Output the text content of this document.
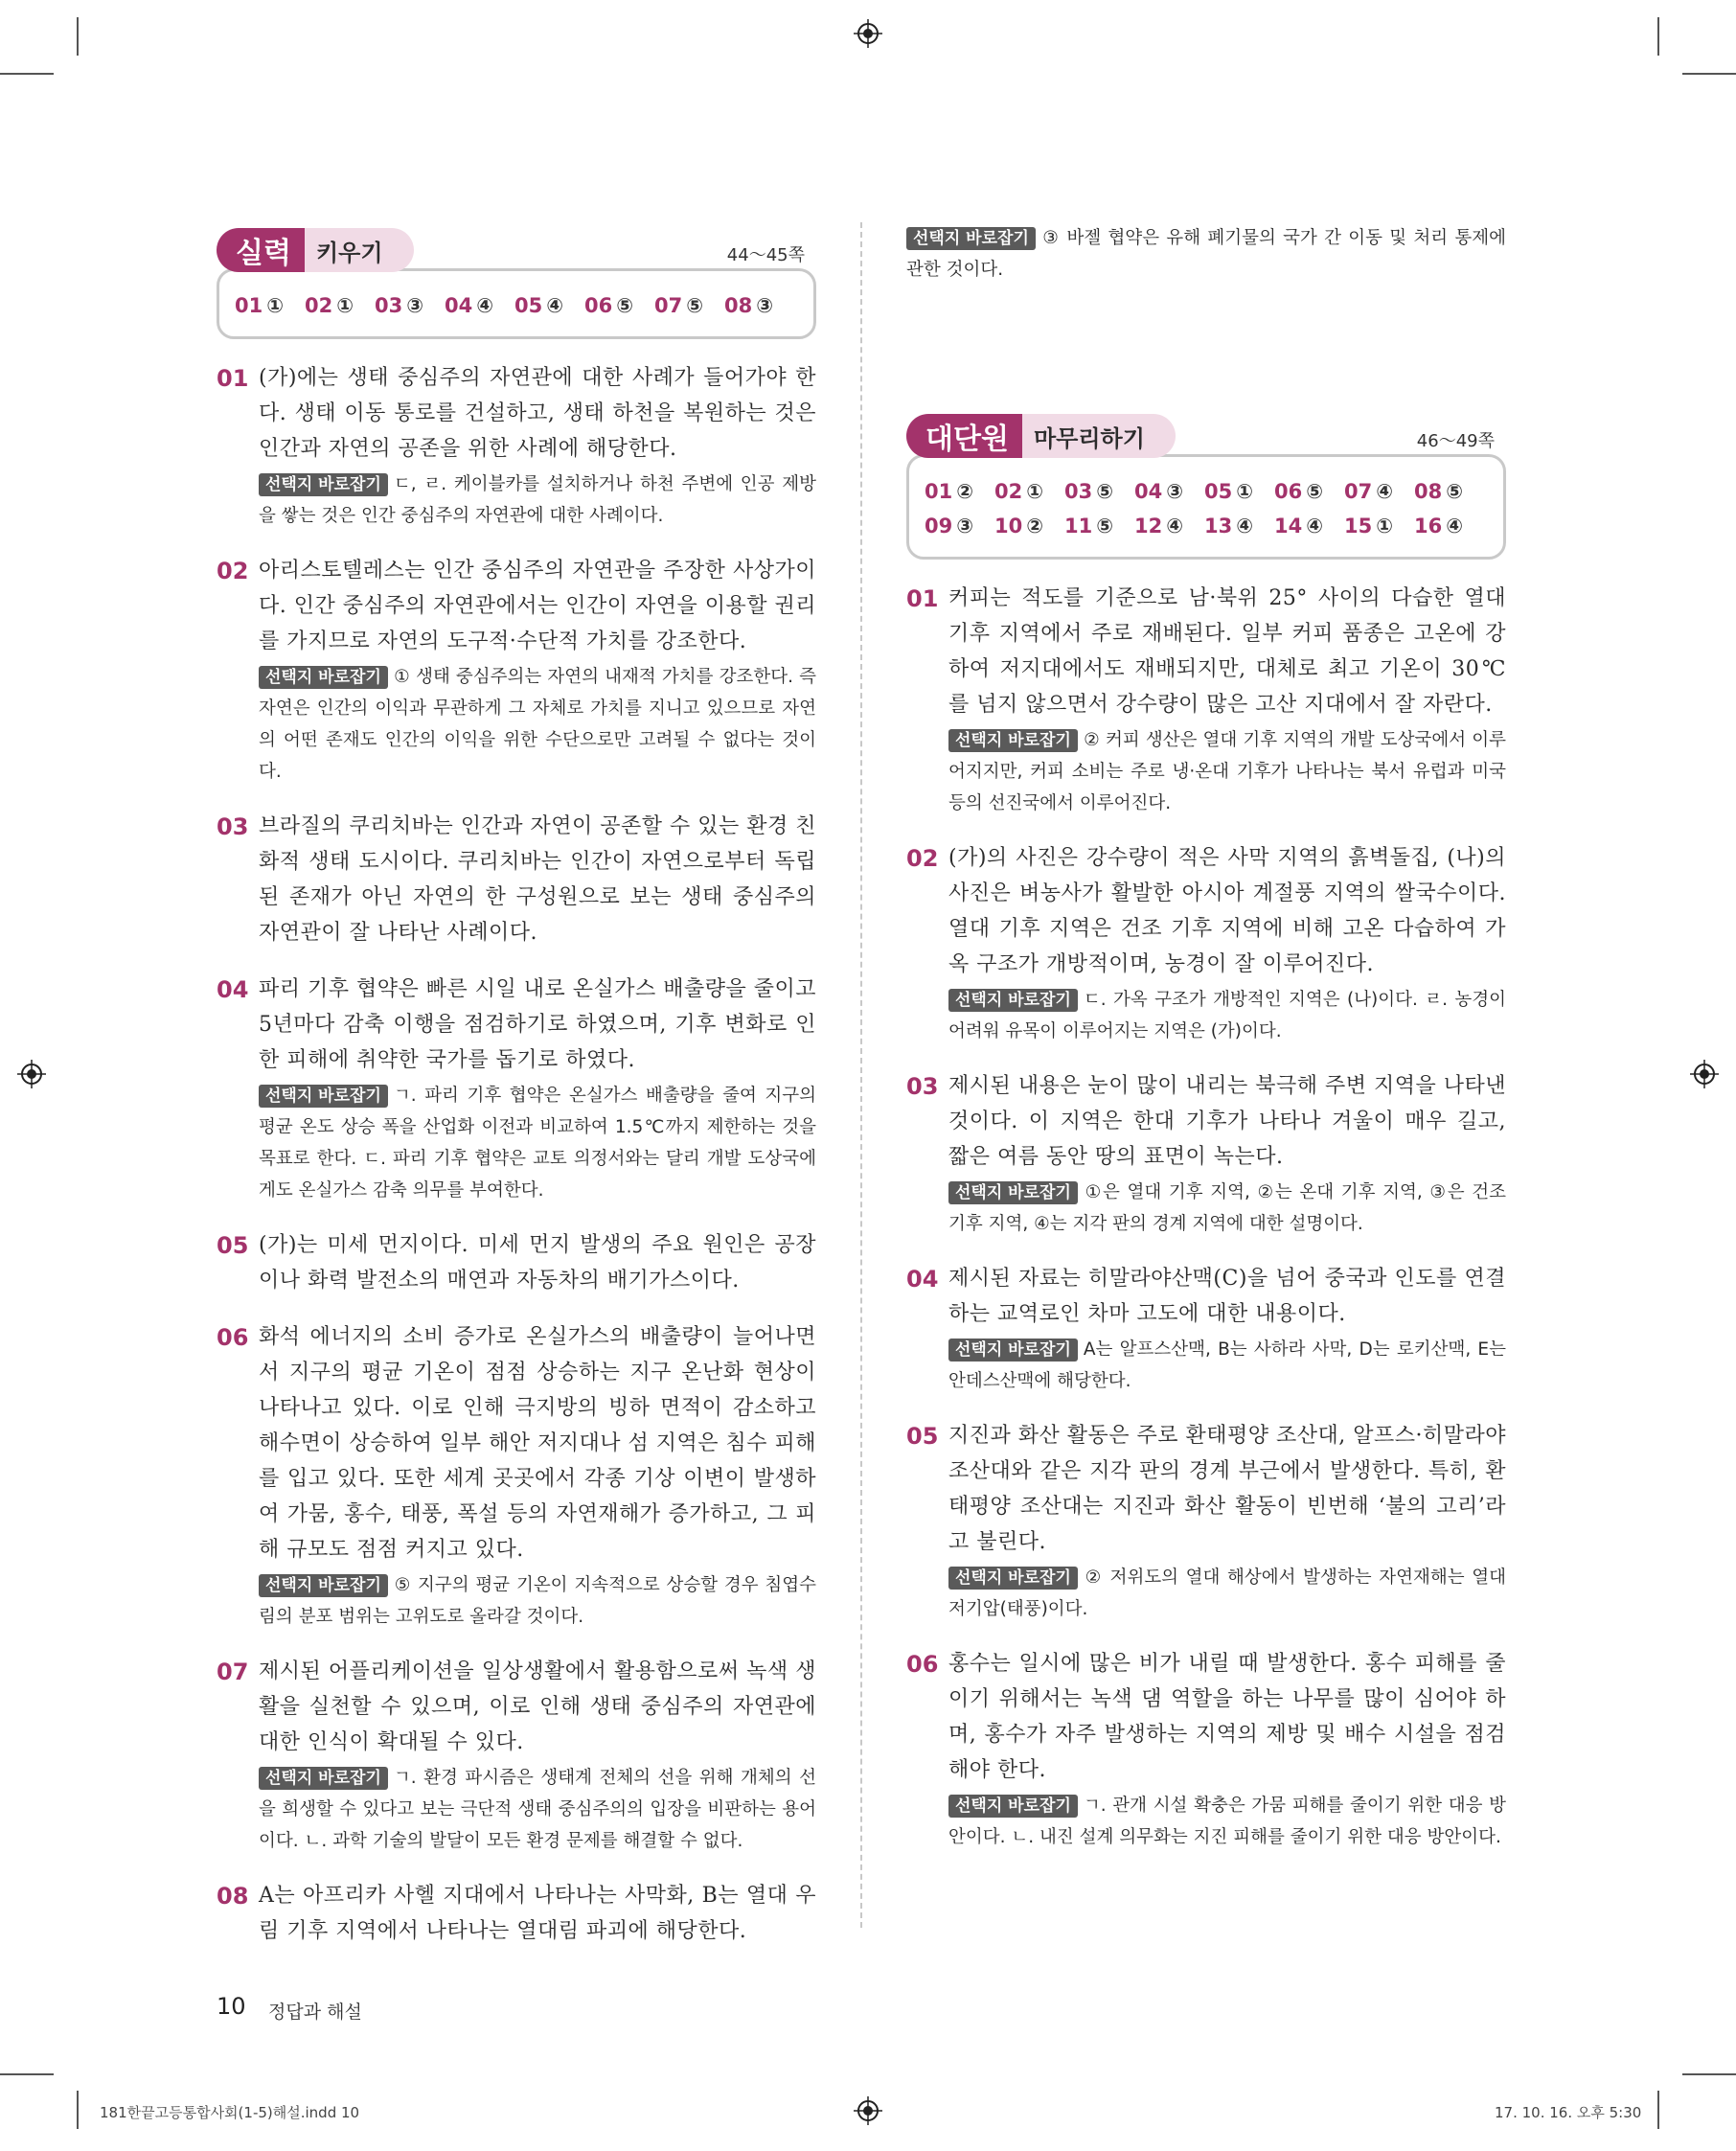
실력	키우기	44～45쪽
01 ①	02 ①	03 ③	04 ④	05 ④	06 ⑤	07 ⑤	08 ③
01 (가)에는 생태 중심주의 자연관에 대한 사례가 들어가야 한다. 생태 이동 통로를 건설하고, 생태 하천을 복원하는 것은 인간과 자연의 공존을 위한 사례에 해당한다.
선택지 바로잡기 ㄷ, ㄹ. 케이블카를 설치하거나 하천 주변에 인공 제방을 쌓는 것은 인간 중심주의 자연관에 대한 사례이다.
02 아리스토텔레스는 인간 중심주의 자연관을 주장한 사상가이다. 인간 중심주의 자연관에서는 인간이 자연을 이용할 권리를 가지므로 자연의 도구적·수단적 가치를 강조한다.
선택지 바로잡기 ① 생태 중심주의는 자연의 내재적 가치를 강조한다. 즉 자연은 인간의 이익과 무관하게 그 자체로 가치를 지니고 있으므로 자연의 어떤 존재도 인간의 이익을 위한 수단으로만 고려될 수 없다는 것이다.
03 브라질의 쿠리치바는 인간과 자연이 공존할 수 있는 환경 친화적 생태 도시이다. 쿠리치바는 인간이 자연으로부터 독립된 존재가 아닌 자연의 한 구성원으로 보는 생태 중심주의 자연관이 잘 나타난 사례이다.
04 파리 기후 협약은 빠른 시일 내로 온실가스 배출량을 줄이고 5년마다 감축 이행을 점검하기로 하였으며, 기후 변화로 인한 피해에 취약한 국가를 돕기로 하였다.
선택지 바로잡기 ㄱ. 파리 기후 협약은 온실가스 배출량을 줄여 지구의 평균 온도 상승 폭을 산업화 이전과 비교하여 1.5℃까지 제한하는 것을 목표로 한다. ㄷ. 파리 기후 협약은 교토 의정서와는 달리 개발 도상국에게도 온실가스 감축 의무를 부여한다.
05 (가)는 미세 먼지이다. 미세 먼지 발생의 주요 원인은 공장이나 화력 발전소의 매연과 자동차의 배기가스이다.
06 화석 에너지의 소비 증가로 온실가스의 배출량이 늘어나면서 지구의 평균 기온이 점점 상승하는 지구 온난화 현상이 나타나고 있다. 이로 인해 극지방의 빙하 면적이 감소하고 해수면이 상승하여 일부 해안 저지대나 섬 지역은 침수 피해를 입고 있다. 또한 세계 곳곳에서 각종 기상 이변이 발생하여 가뭄, 홍수, 태풍, 폭설 등의 자연재해가 증가하고, 그 피해 규모도 점점 커지고 있다.
선택지 바로잡기 ⑤ 지구의 평균 기온이 지속적으로 상승할 경우 침엽수림의 분포 범위는 고위도로 올라갈 것이다.
07 제시된 어플리케이션을 일상생활에서 활용함으로써 녹색 생활을 실천할 수 있으며, 이로 인해 생태 중심주의 자연관에 대한 인식이 확대될 수 있다.
선택지 바로잡기 ㄱ. 환경 파시즘은 생태계 전체의 선을 위해 개체의 선을 희생할 수 있다고 보는 극단적 생태 중심주의의 입장을 비판하는 용어이다. ㄴ. 과학 기술의 발달이 모든 환경 문제를 해결할 수 없다.
08 A는 아프리카 사헬 지대에서 나타나는 사막화, B는 열대 우림 기후 지역에서 나타나는 열대림 파괴에 해당한다.
선택지 바로잡기 ③ 바젤 협약은 유해 폐기물의 국가 간 이동 및 처리 통제에 관한 것이다.
대단원	마무리하기	46～49쪽
01 ②	02 ①	03 ⑤	04 ③	05 ①	06 ⑤	07 ④	08 ⑤
09 ③	10 ②	11 ⑤	12 ④	13 ④	14 ④	15 ①	16 ④
01 커피는 적도를 기준으로 남·북위 25° 사이의 다습한 열대 기후 지역에서 주로 재배된다. 일부 커피 품종은 고온에 강하여 저지대에서도 재배되지만, 대체로 최고 기온이 30℃를 넘지 않으면서 강수량이 많은 고산 지대에서 잘 자란다.
선택지 바로잡기 ② 커피 생산은 열대 기후 지역의 개발 도상국에서 이루어지지만, 커피 소비는 주로 냉·온대 기후가 나타나는 북서 유럽과 미국 등의 선진국에서 이루어진다.
02 (가)의 사진은 강수량이 적은 사막 지역의 흙벽돌집, (나)의 사진은 벼농사가 활발한 아시아 계절풍 지역의 쌀국수이다. 열대 기후 지역은 건조 기후 지역에 비해 고온 다습하여 가옥 구조가 개방적이며, 농경이 잘 이루어진다.
선택지 바로잡기 ㄷ. 가옥 구조가 개방적인 지역은 (나)이다. ㄹ. 농경이 어려워 유목이 이루어지는 지역은 (가)이다.
03 제시된 내용은 눈이 많이 내리는 북극해 주변 지역을 나타낸 것이다. 이 지역은 한대 기후가 나타나 겨울이 매우 길고, 짧은 여름 동안 땅의 표면이 녹는다.
선택지 바로잡기 ①은 열대 기후 지역, ②는 온대 기후 지역, ③은 건조 기후 지역, ④는 지각 판의 경계 지역에 대한 설명이다.
04 제시된 자료는 히말라야산맥(C)을 넘어 중국과 인도를 연결하는 교역로인 차마 고도에 대한 내용이다.
선택지 바로잡기 A는 알프스산맥, B는 사하라 사막, D는 로키산맥, E는 안데스산맥에 해당한다.
05 지진과 화산 활동은 주로 환태평양 조산대, 알프스·히말라야 조산대와 같은 지각 판의 경계 부근에서 발생한다. 특히, 환태평양 조산대는 지진과 화산 활동이 빈번해 ‘불의 고리’라고 불린다.
선택지 바로잡기 ② 저위도의 열대 해상에서 발생하는 자연재해는 열대 저기압(태풍)이다.
06 홍수는 일시에 많은 비가 내릴 때 발생한다. 홍수 피해를 줄이기 위해서는 녹색 댐 역할을 하는 나무를 많이 심어야 하며, 홍수가 자주 발생하는 지역의 제방 및 배수 시설을 점검해야 한다.
선택지 바로잡기 ㄱ. 관개 시설 확충은 가뭄 피해를 줄이기 위한 대응 방안이다. ㄴ. 내진 설계 의무화는 지진 피해를 줄이기 위한 대응 방안이다.
10 정답과 해설
181한끝고등통합사회(1-5)해설.indd 10	17. 10. 16. 오후 5:30
